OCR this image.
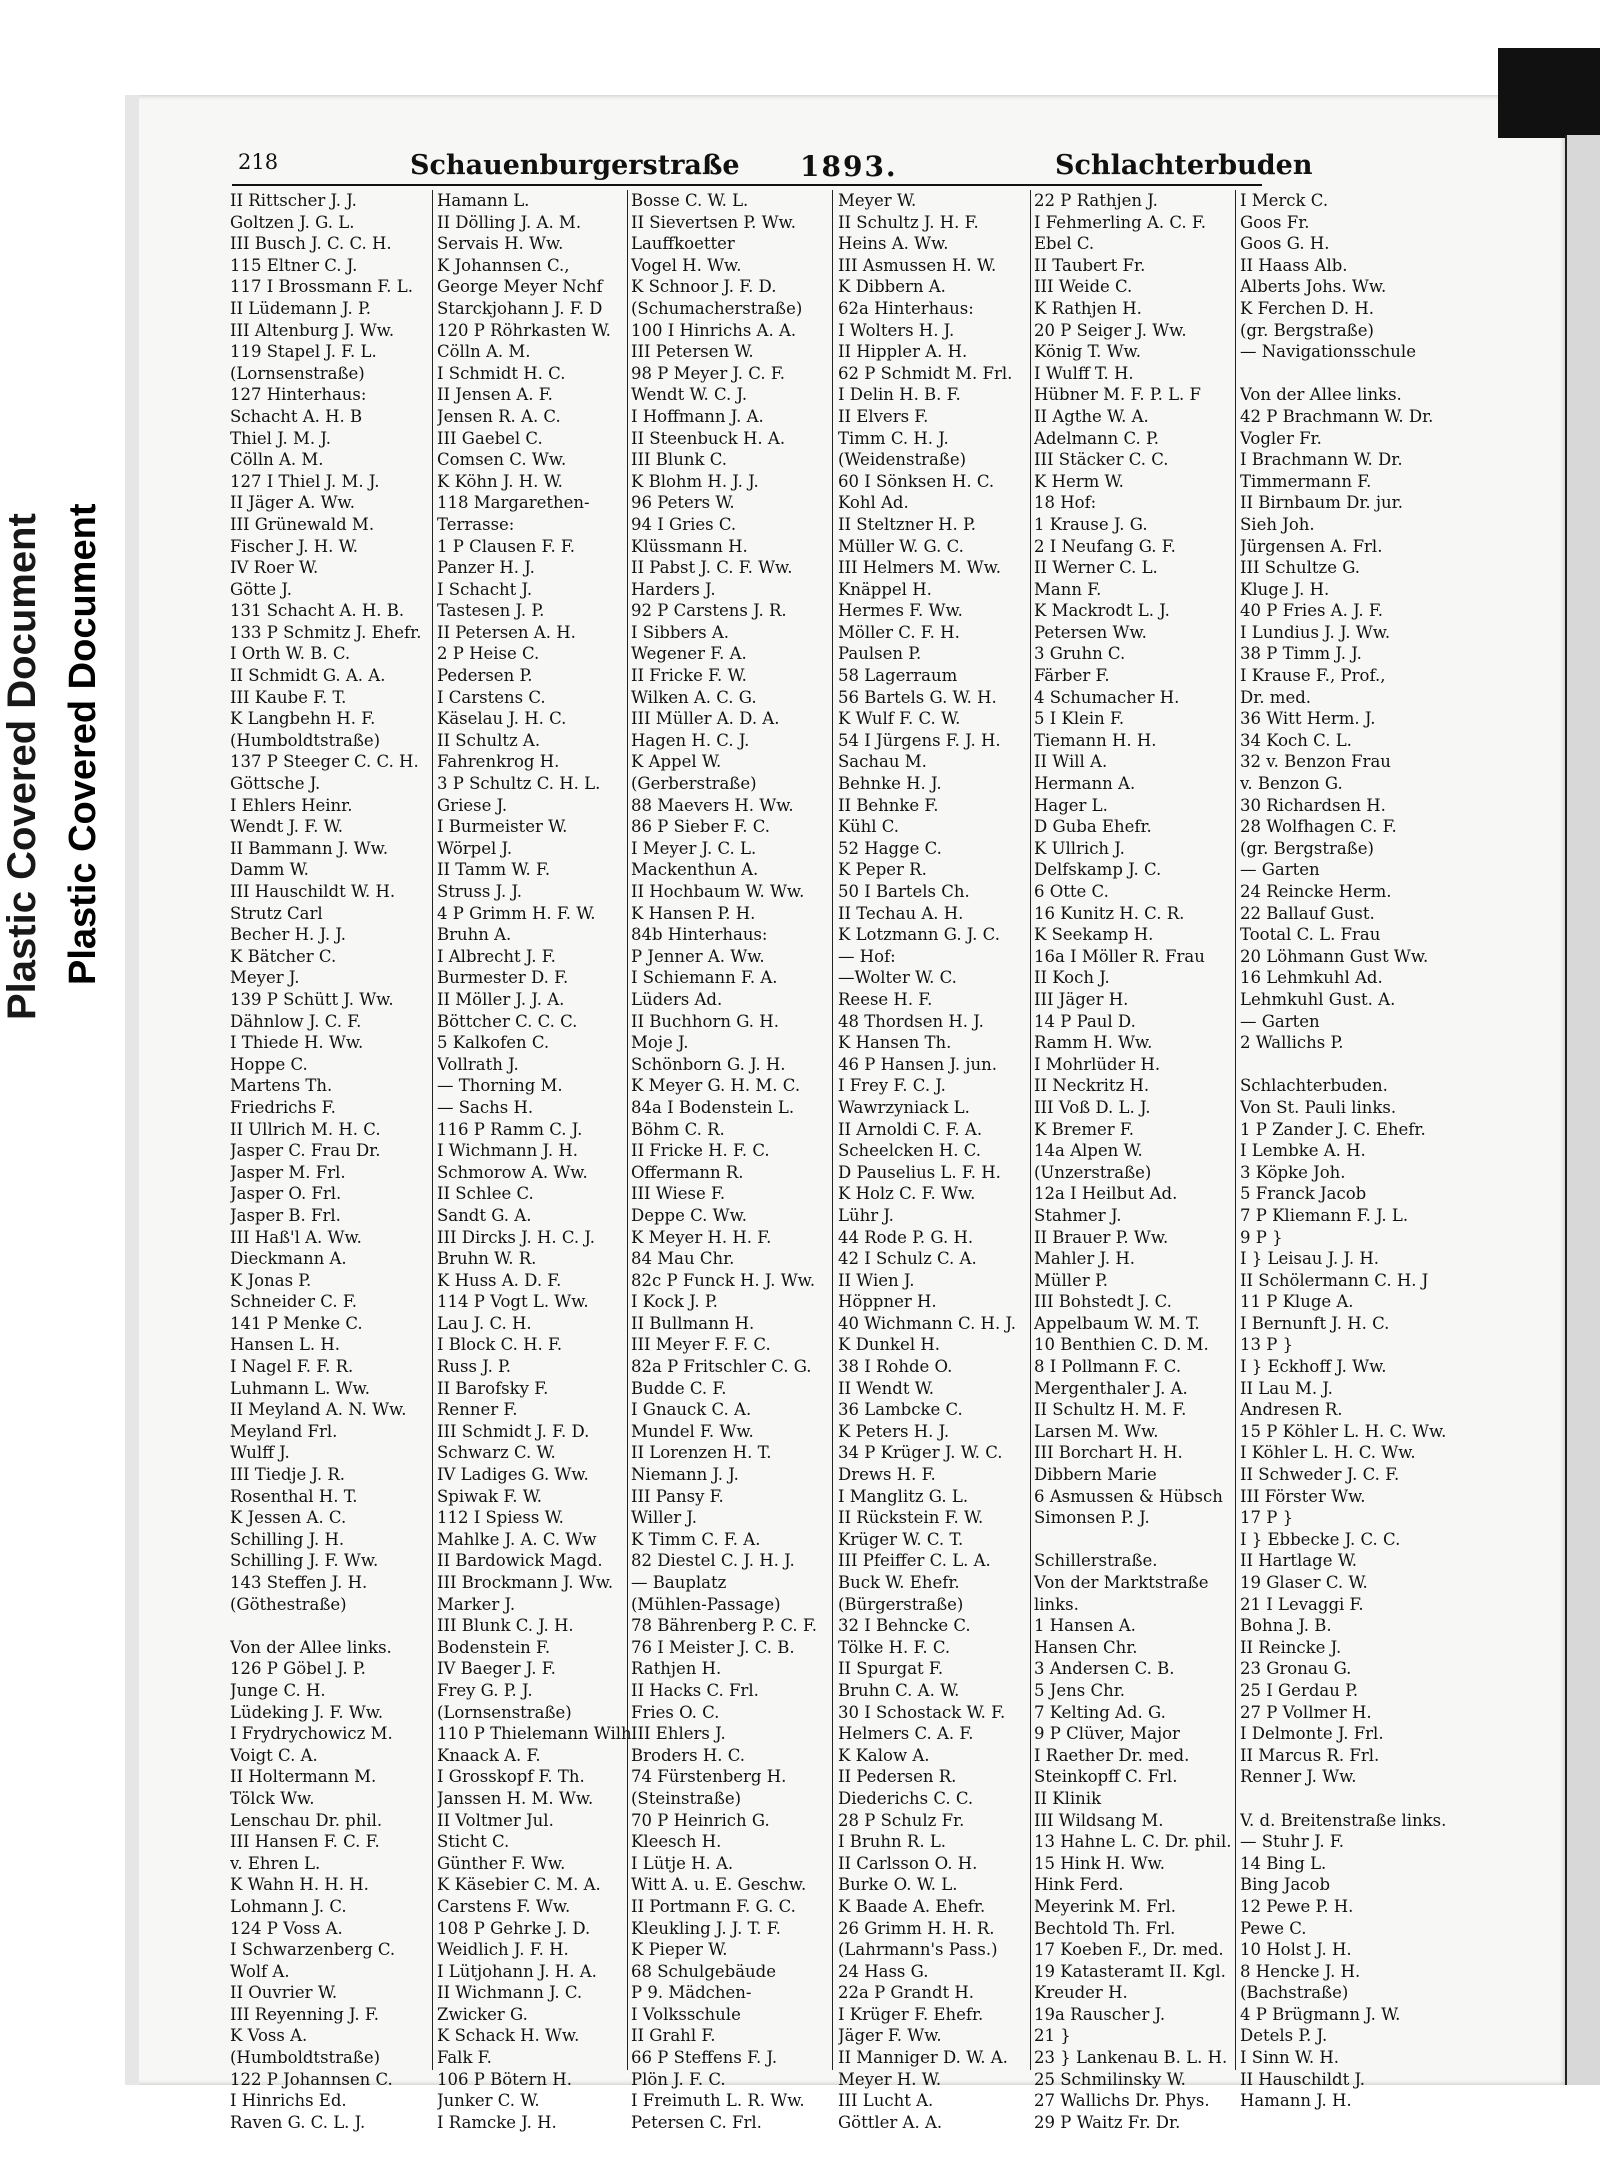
Plastic Covered Document
Plastic Covered Document
218	Schauenburgerstraße 1893.	Schlachterbuden
II Rittscher J. J.
Goltzen J. G. L.
III Busch J. C. C. H.
115 Eltner C. J.
117 I Brossmann F. L.
II Lüdemann J. P.
III Altenburg J. Ww.
119 Stapel J. F. L.
(Lornsenstraße)
127 Hinterhaus:
Schacht A. H. B
Thiel J. M. J.
Cölln A. M.
127 I Thiel J. M. J.
II Jäger A. Ww.
III Grünewald M.
Fischer J. H. W.
IV Roer W.
Götte J.
131 Schacht A. H. B.
133 P Schmitz J. Ehefr.
I Orth W. B. C.
II Schmidt G. A. A.
III Kaube F. T.
K Langbehn H. F.
(Humboldtstraße)
137 P Steeger C. C. H.
Göttsche J.
I Ehlers Heinr.
Wendt J. F. W.
II Bammann J. Ww.
Damm W.
III Hauschildt W. H.
Strutz Carl
Becher H. J. J.
K Bätcher C.
Meyer J.
139 P Schütt J. Ww.
Dähnlow J. C. F.
I Thiede H. Ww.
Hoppe C.
Martens Th.
Friedrichs F.
II Ullrich M. H. C.
Jasper C. Frau Dr.
Jasper M. Frl.
Jasper O. Frl.
Jasper B. Frl.
III Haß'l A. Ww.
Dieckmann A.
K Jonas P.
Schneider C. F.
141 P Menke C.
Hansen L. H.
I Nagel F. F. R.
Luhmann L. Ww.
II Meyland A. N. Ww.
Meyland Frl.
Wulff J.
III Tiedje J. R.
Rosenthal H. T.
K Jessen A. C.
Schilling J. H.
Schilling J. F. Ww.
143 Steffen J. H.
(Göthestraße)
Von der Allee links.
126 P Göbel J. P.
Junge C. H.
Lüdeking J. F. Ww.
I Frydrychowicz M.
Voigt C. A.
II Holtermann M.
Tölck Ww.
Lenschau Dr. phil.
III Hansen F. C. F.
v. Ehren L.
K Wahn H. H. H.
Lohmann J. C.
124 P Voss A.
I Schwarzenberg C.
Wolf A.
II Ouvrier W.
III Reyenning J. F.
K Voss A.
(Humboldtstraße)
122 P Johannsen C.
I Hinrichs Ed.
Raven G. C. L. J.
Hamann L.
II Dölling J. A. M.
Servais H. Ww.
K Johannsen C.,
George Meyer Nchf
Starckjohann J. F. D
120 P Röhrkasten W.
Cölln A. M.
I Schmidt H. C.
II Jensen A. F.
Jensen R. A. C.
III Gaebel C.
Comsen C. Ww.
K Köhn J. H. W.
118 Margarethen-
Terrasse:
1 P Clausen F. F.
Panzer H. J.
I Schacht J.
Tastesen J. P.
II Petersen A. H.
2 P Heise C.
Pedersen P.
I Carstens C.
Käselau J. H. C.
II Schultz A.
Fahrenkrog H.
3 P Schultz C. H. L.
Griese J.
I Burmeister W.
Wörpel J.
II Tamm W. F.
Struss J. J.
4 P Grimm H. F. W.
Bruhn A.
I Albrecht J. F.
Burmester D. F.
II Möller J. J. A.
Böttcher C. C. C.
5 Kalkofen C.
Vollrath J.
— Thorning M.
— Sachs H.
116 P Ramm C. J.
I Wichmann J. H.
Schmorow A. Ww.
II Schlee C.
Sandt G. A.
III Dircks J. H. C. J.
Bruhn W. R.
K Huss A. D. F.
114 P Vogt L. Ww.
Lau J. C. H.
I Block C. H. F.
Russ J. P.
II Barofsky F.
Renner F.
III Schmidt J. F. D.
Schwarz C. W.
IV Ladiges G. Ww.
Spiwak F. W.
112 I Spiess W.
Mahlke J. A. C. Ww
II Bardowick Magd.
III Brockmann J. Ww.
Marker J.
III Blunk C. J. H.
Bodenstein F.
IV Baeger J. F.
Frey G. P. J.
(Lornsenstraße)
110 P Thielemann Wilh.
Knaack A. F.
I Grosskopf F. Th.
Janssen H. M. Ww.
II Voltmer Jul.
Sticht C.
Günther F. Ww.
K Käsebier C. M. A.
Carstens F. Ww.
108 P Gehrke J. D.
Weidlich J. F. H.
I Lütjohann J. H. A.
II Wichmann J. C.
Zwicker G.
K Schack H. Ww.
Falk F.
106 P Bötern H.
Junker C. W.
I Ramcke J. H.
Bosse C. W. L.
II Sievertsen P. Ww.
Lauffkoetter
Vogel H. Ww.
K Schnoor J. F. D.
(Schumacherstraße)
100 I Hinrichs A. A.
III Petersen W.
98 P Meyer J. C. F.
Wendt W. C. J.
I Hoffmann J. A.
II Steenbuck H. A.
III Blunk C.
K Blohm H. J. J.
96 Peters W.
94 I Gries C.
Klüssmann H.
II Pabst J. C. F. Ww.
Harders J.
92 P Carstens J. R.
I Sibbers A.
Wegener F. A.
II Fricke F. W.
Wilken A. C. G.
III Müller A. D. A.
Hagen H. C. J.
K Appel W.
(Gerberstraße)
88 Maevers H. Ww.
86 P Sieber F. C.
I Meyer J. C. L.
Mackenthun A.
II Hochbaum W. Ww.
K Hansen P. H.
84b Hinterhaus:
P Jenner A. Ww.
I Schiemann F. A.
Lüders Ad.
II Buchhorn G. H.
Moje J.
Schönborn G. J. H.
K Meyer G. H. M. C.
84a I Bodenstein L.
Böhm C. R.
II Fricke H. F. C.
Offermann R.
III Wiese F.
Deppe C. Ww.
K Meyer H. H. F.
84 Mau Chr.
82c P Funck H. J. Ww.
I Kock J. P.
II Bullmann H.
III Meyer F. F. C.
82a P Fritschler C. G.
Budde C. F.
I Gnauck C. A.
Mundel F. Ww.
II Lorenzen H. T.
Niemann J. J.
III Pansy F.
Willer J.
K Timm C. F. A.
82 Diestel C. J. H. J.
— Bauplatz
(Mühlen-Passage)
78 Bährenberg P. C. F.
76 I Meister J. C. B.
Rathjen H.
II Hacks C. Frl.
Fries O. C.
III Ehlers J.
Broders H. C.
74 Fürstenberg H.
(Steinstraße)
70 P Heinrich G.
Kleesch H.
I Lütje H. A.
Witt A. u. E. Geschw.
II Portmann F. G. C.
Kleukling J. J. T. F.
K Pieper W.
68 Schulgebäude
P 9. Mädchen-
I Volksschule
II Grahl F.
66 P Steffens F. J.
Plön J. F. C.
I Freimuth L. R. Ww.
Petersen C. Frl.
Meyer W.
II Schultz J. H. F.
Heins A. Ww.
III Asmussen H. W.
K Dibbern A.
62a Hinterhaus:
I Wolters H. J.
II Hippler A. H.
62 P Schmidt M. Frl.
I Delin H. B. F.
II Elvers F.
Timm C. H. J.
(Weidenstraße)
60 I Sönksen H. C.
Kohl Ad.
II Steltzner H. P.
Müller W. G. C.
III Helmers M. Ww.
Knäppel H.
Hermes F. Ww.
Möller C. F. H.
Paulsen P.
58 Lagerraum
56 Bartels G. W. H.
K Wulf F. C. W.
54 I Jürgens F. J. H.
Sachau M.
Behnke H. J.
II Behnke F.
Kühl C.
52 Hagge C.
K Peper R.
50 I Bartels Ch.
II Techau A. H.
K Lotzmann G. J. C.
— Hof:
—Wolter W. C.
Reese H. F.
48 Thordsen H. J.
K Hansen Th.
46 P Hansen J. jun.
I Frey F. C. J.
Wawrzyniack L.
II Arnoldi C. F. A.
Scheelcken H. C.
D Pauselius L. F. H.
K Holz C. F. Ww.
Lühr J.
44 Rode P. G. H.
42 I Schulz C. A.
II Wien J.
Höppner H.
40 Wichmann C. H. J.
K Dunkel H.
38 I Rohde O.
II Wendt W.
36 Lambcke C.
K Peters H. J.
34 P Krüger J. W. C.
Drews H. F.
I Manglitz G. L.
II Rückstein F. W.
Krüger W. C. T.
III Pfeiffer C. L. A.
Buck W. Ehefr.
(Bürgerstraße)
32 I Behncke C.
Tölke H. F. C.
II Spurgat F.
Bruhn C. A. W.
30 I Schostack W. F.
Helmers C. A. F.
K Kalow A.
II Pedersen R.
Diederichs C. C.
28 P Schulz Fr.
I Bruhn R. L.
II Carlsson O. H.
Burke O. W. L.
K Baade A. Ehefr.
26 Grimm H. H. R.
(Lahrmann's Pass.)
24 Hass G.
22a P Grandt H.
I Krüger F. Ehefr.
Jäger F. Ww.
II Manniger D. W. A.
Meyer H. W.
III Lucht A.
Göttler A. A.
22 P Rathjen J.
I Fehmerling A. C. F.
Ebel C.
II Taubert Fr.
III Weide C.
K Rathjen H.
20 P Seiger J. Ww.
König T. Ww.
I Wulff T. H.
Hübner M. F. P. L. F
II Agthe W. A.
Adelmann C. P.
III Stäcker C. C.
K Herm W.
18 Hof:
1 Krause J. G.
2 I Neufang G. F.
II Werner C. L.
Mann F.
K Mackrodt L. J.
Petersen Ww.
3 Gruhn C.
Färber F.
4 Schumacher H.
5 I Klein F.
Tiemann H. H.
II Will A.
Hermann A.
Hager L.
D Guba Ehefr.
K Ullrich J.
Delfskamp J. C.
6 Otte C.
16 Kunitz H. C. R.
K Seekamp H.
16a I Möller R. Frau
II Koch J.
III Jäger H.
14 P Paul D.
Ramm H. Ww.
I Mohrlüder H.
II Neckritz H.
III Voß D. L. J.
K Bremer F.
14a Alpen W.
(Unzerstraße)
12a I Heilbut Ad.
Stahmer J.
II Brauer P. Ww.
Mahler J. H.
Müller P.
III Bohstedt J. C.
Appelbaum W. M. T.
10 Benthien C. D. M.
8 I Pollmann F. C.
Mergenthaler J. A.
II Schultz H. M. F.
Larsen M. Ww.
III Borchart H. H.
Dibbern Marie
6 Asmussen & Hübsch
Simonsen P. J.
Schillerstraße.
Von der Marktstraße
links.
1 Hansen A.
Hansen Chr.
3 Andersen C. B.
5 Jens Chr.
7 Kelting Ad. G.
9 P Clüver, Major
I Raether Dr. med.
Steinkopff C. Frl.
II Klinik
III Wildsang M.
13 Hahne L. C. Dr. phil.
15 Hink H. Ww.
Hink Ferd.
Meyerink M. Frl.
Bechtold Th. Frl.
17 Koeben F., Dr. med.
19 Katasteramt II. Kgl.
Kreuder H.
19a Rauscher J.
21 }
23 } Lankenau B. L. H.
25 Schmilinsky W.
27 Wallichs Dr. Phys.
29 P Waitz Fr. Dr.
I Merck C.
Goos Fr.
Goos G. H.
II Haass Alb.
Alberts Johs. Ww.
K Ferchen D. H.
(gr. Bergstraße)
— Navigationsschule
Von der Allee links.
42 P Brachmann W. Dr.
Vogler Fr.
I Brachmann W. Dr.
Timmermann F.
II Birnbaum Dr. jur.
Sieh Joh.
Jürgensen A. Frl.
III Schultze G.
Kluge J. H.
40 P Fries A. J. F.
I Lundius J. J. Ww.
38 P Timm J. J.
I Krause F., Prof.,
Dr. med.
36 Witt Herm. J.
34 Koch C. L.
32 v. Benzon Frau
v. Benzon G.
30 Richardsen H.
28 Wolfhagen C. F.
(gr. Bergstraße)
— Garten
24 Reincke Herm.
22 Ballauf Gust.
Tootal C. L. Frau
20 Löhmann Gust Ww.
16 Lehmkuhl Ad.
Lehmkuhl Gust. A.
— Garten
2 Wallichs P.
Schlachterbuden.
Von St. Pauli links.
1 P Zander J. C. Ehefr.
I Lembke A. H.
3 Köpke Joh.
5 Franck Jacob
7 P Kliemann F. J. L.
9 P }
I } Leisau J. J. H.
II Schölermann C. H. J
11 P Kluge A.
I Bernunft J. H. C.
13 P }
I } Eckhoff J. Ww.
II Lau M. J.
Andresen R.
15 P Köhler L. H. C. Ww.
I Köhler L. H. C. Ww.
II Schweder J. C. F.
III Förster Ww.
17 P }
I } Ebbecke J. C. C.
II Hartlage W.
19 Glaser C. W.
21 I Levaggi F.
Bohna J. B.
II Reincke J.
23 Gronau G.
25 I Gerdau P.
27 P Vollmer H.
I Delmonte J. Frl.
II Marcus R. Frl.
Renner J. Ww.
V. d. Breitenstraße links.
— Stuhr J. F.
14 Bing L.
Bing Jacob
12 Pewe P. H.
Pewe C.
10 Holst J. H.
8 Hencke J. H.
(Bachstraße)
4 P Brügmann J. W.
Detels P. J.
I Sinn W. H.
II Hauschildt J.
Hamann J. H.
